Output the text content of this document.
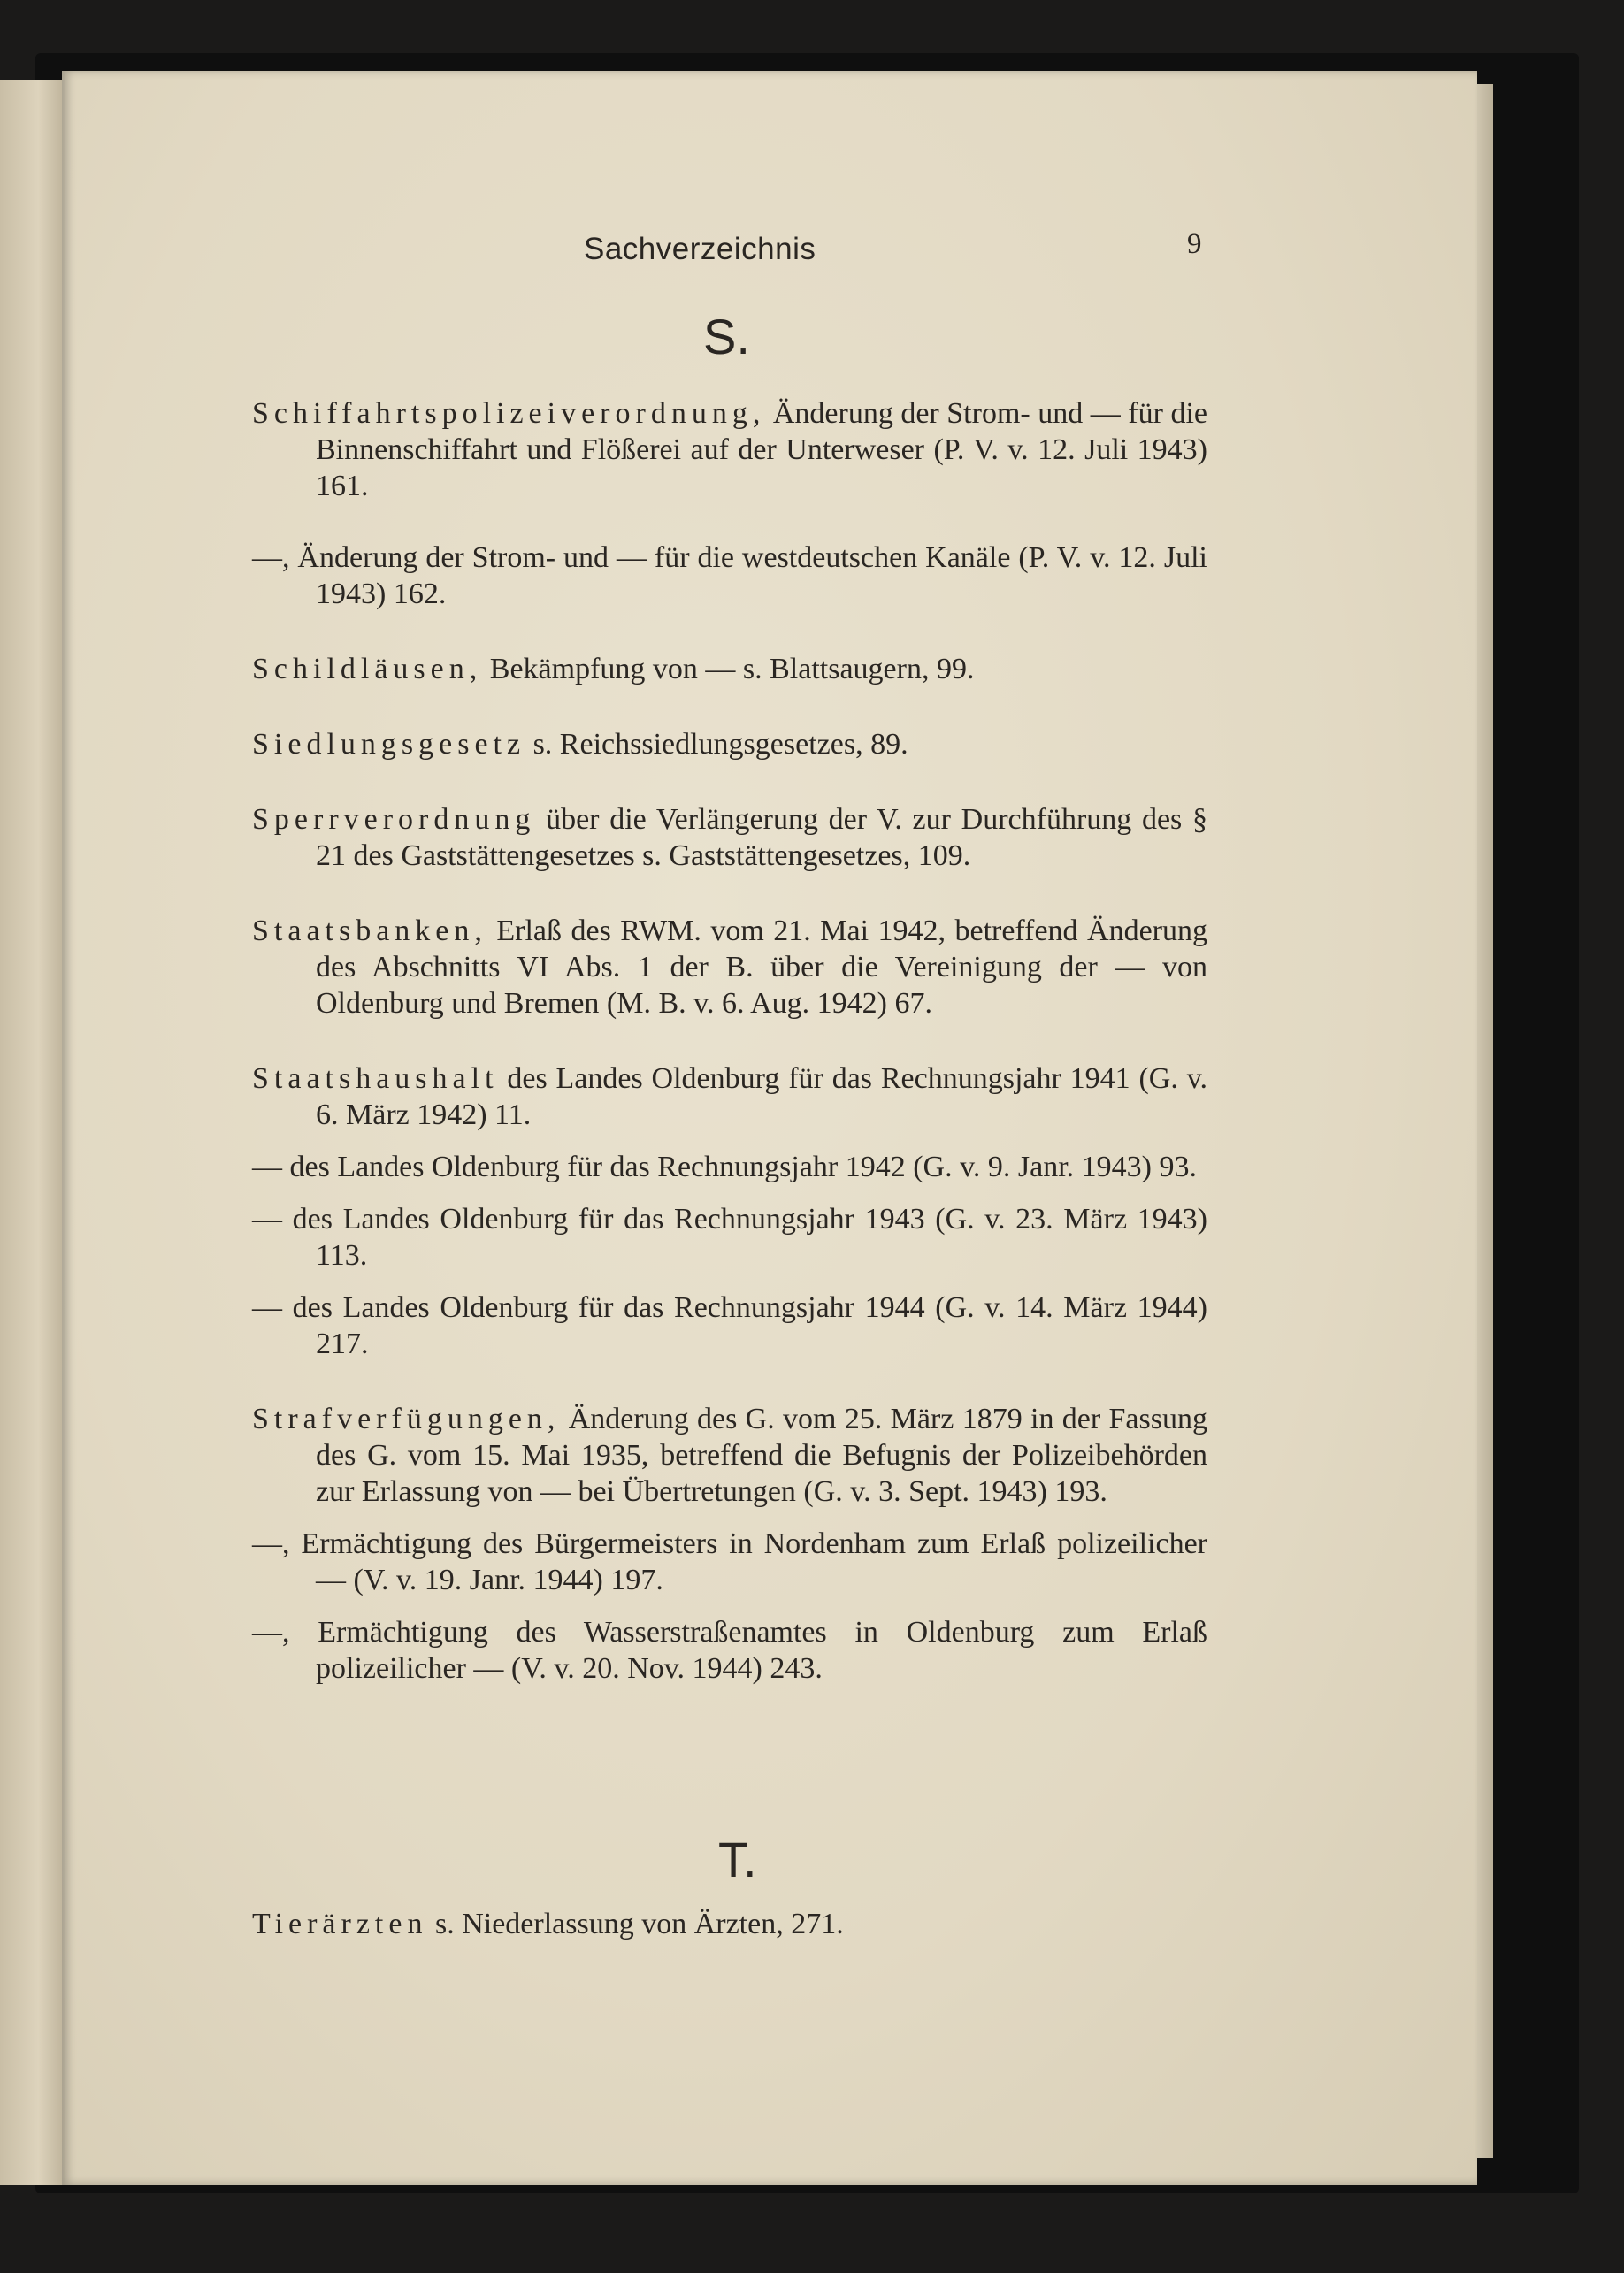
Sachverzeichnis	9
S.

Schiffahrtspolizeiverordnung, Änderung der Strom- und — für die Binnenschiffahrt und Flößerei auf der Unterweser (P. V. v. 12. Juli 1943) 161.

—, Änderung der Strom- und — für die westdeutschen Kanäle (P. V. v. 12. Juli 1943) 162.

Schildläusen, Bekämpfung von — s. Blattsaugern, 99.

Siedlungsgesetz s. Reichssiedlungsgesetzes, 89.

Sperrverordnung über die Verlängerung der V. zur Durchführung des § 21 des Gaststättengesetzes s. Gaststättengesetzes, 109.

Staatsbanken, Erlaß des RWM. vom 21. Mai 1942, betreffend Änderung des Abschnitts VI Abs. 1 der B. über die Vereinigung der — von Oldenburg und Bremen (M. B. v. 6. Aug. 1942) 67.

Staatshaushalt des Landes Oldenburg für das Rechnungsjahr 1941 (G. v. 6. März 1942) 11.

— des Landes Oldenburg für das Rechnungsjahr 1942 (G. v. 9. Janr. 1943) 93.

— des Landes Oldenburg für das Rechnungsjahr 1943 (G. v. 23. März 1943) 113.

— des Landes Oldenburg für das Rechnungsjahr 1944 (G. v. 14. März 1944) 217.

Strafverfügungen, Änderung des G. vom 25. März 1879 in der Fassung des G. vom 15. Mai 1935, betreffend die Befugnis der Polizeibehörden zur Erlassung von — bei Übertretungen (G. v. 3. Sept. 1943) 193.

—, Ermächtigung des Bürgermeisters in Nordenham zum Erlaß polizeilicher — (V. v. 19. Janr. 1944) 197.

—, Ermächtigung des Wasserstraßenamtes in Oldenburg zum Erlaß polizeilicher — (V. v. 20. Nov. 1944) 243.

T.

Tierärzten s. Niederlassung von Ärzten, 271.
